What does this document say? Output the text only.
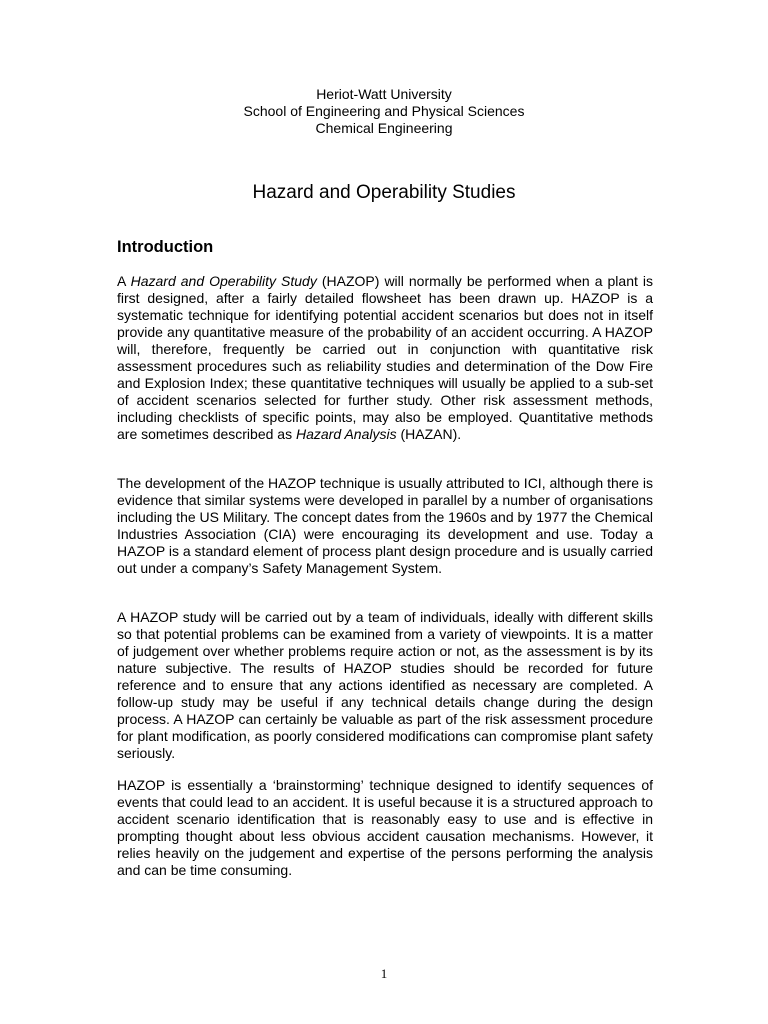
Heriot-Watt University
School of Engineering and Physical Sciences
Chemical Engineering
Hazard and Operability Studies
Introduction

A Hazard and Operability Study (HAZOP) will normally be performed when a plant is first designed, after a fairly detailed flowsheet has been drawn up. HAZOP is a systematic technique for identifying potential accident scenarios but does not in itself provide any quantitative measure of the probability of an accident occurring. A HAZOP will, therefore, frequently be carried out in conjunction with quantitative risk assessment procedures such as reliability studies and determination of the Dow Fire and Explosion Index; these quantitative techniques will usually be applied to a sub-set of accident scenarios selected for further study. Other risk assessment methods, including checklists of specific points, may also be employed. Quantitative methods are sometimes described as Hazard Analysis (HAZAN).

The development of the HAZOP technique is usually attributed to ICI, although there is evidence that similar systems were developed in parallel by a number of organisations including the US Military. The concept dates from the 1960s and by 1977 the Chemical Industries Association (CIA) were encouraging its development and use. Today a HAZOP is a standard element of process plant design procedure and is usually carried out under a company’s Safety Management System.

A HAZOP study will be carried out by a team of individuals, ideally with different skills so that potential problems can be examined from a variety of viewpoints. It is a matter of judgement over whether problems require action or not, as the assessment is by its nature subjective. The results of HAZOP studies should be recorded for future reference and to ensure that any actions identified as necessary are completed. A follow-up study may be useful if any technical details change during the design process. A HAZOP can certainly be valuable as part of the risk assessment procedure for plant modification, as poorly considered modifications can compromise plant safety seriously.

HAZOP is essentially a ‘brainstorming’ technique designed to identify sequences of events that could lead to an accident. It is useful because it is a structured approach to accident scenario identification that is reasonably easy to use and is effective in prompting thought about less obvious accident causation mechanisms. However, it relies heavily on the judgement and expertise of the persons performing the analysis and can be time consuming.

1
